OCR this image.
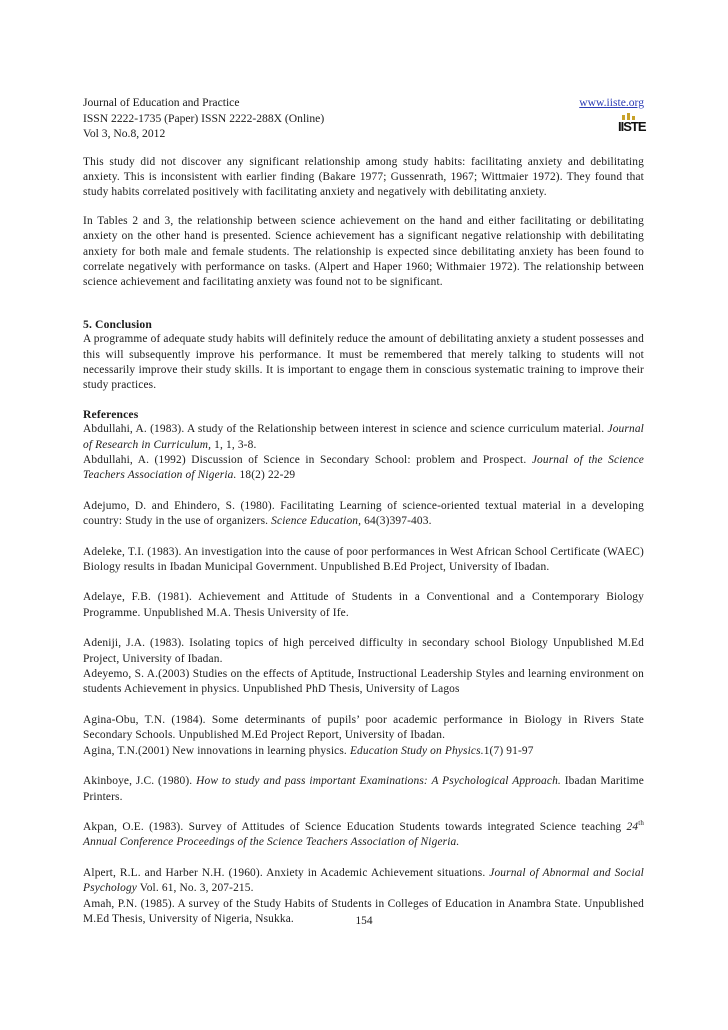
Journal of Education and Practice
ISSN 2222-1735 (Paper) ISSN 2222-288X (Online)
Vol 3, No.8, 2012
www.iiste.org
IISTE

This study did not discover any significant relationship among study habits: facilitating anxiety and debilitating anxiety. This is inconsistent with earlier finding (Bakare 1977; Gussenrath, 1967; Wittmaier 1972). They found that study habits correlated positively with facilitating anxiety and negatively with debilitating anxiety.

In Tables 2 and 3, the relationship between science achievement on the hand and either facilitating or debilitating anxiety on the other hand is presented. Science achievement has a significant negative relationship with debilitating anxiety for both male and female students. The relationship is expected since debilitating anxiety has been found to correlate negatively with performance on tasks. (Alpert and Haper 1960; Withmaier 1972). The relationship between science achievement and facilitating anxiety was found not to be significant.

5. Conclusion

A programme of adequate study habits will definitely reduce the amount of debilitating anxiety a student possesses and this will subsequently improve his performance. It must be remembered that merely talking to students will not necessarily improve their study skills. It is important to engage them in conscious systematic training to improve their study practices.

References

Abdullahi, A. (1983). A study of the Relationship between interest in science and science curriculum material. Journal of Research in Curriculum, 1, 1, 3-8.

Abdullahi, A. (1992) Discussion of Science in Secondary School: problem and Prospect. Journal of the Science Teachers Association of Nigeria. 18(2) 22-29

Adejumo, D. and Ehindero, S. (1980). Facilitating Learning of science-oriented textual material in a developing country: Study in the use of organizers. Science Education, 64(3)397-403.

Adeleke, T.I. (1983). An investigation into the cause of poor performances in West African School Certificate (WAEC) Biology results in Ibadan Municipal Government. Unpublished B.Ed Project, University of Ibadan.

Adelaye, F.B. (1981). Achievement and Attitude of Students in a Conventional and a Contemporary Biology Programme. Unpublished M.A. Thesis University of Ife.

Adeniji, J.A. (1983). Isolating topics of high perceived difficulty in secondary school Biology Unpublished M.Ed Project, University of Ibadan.

Adeyemo, S. A.(2003) Studies on the effects of Aptitude, Instructional Leadership Styles and learning environment on students Achievement in physics. Unpublished PhD Thesis, University of Lagos

Agina-Obu, T.N. (1984). Some determinants of pupils’ poor academic performance in Biology in Rivers State Secondary Schools. Unpublished M.Ed Project Report, University of Ibadan.

Agina, T.N.(2001) New innovations in learning physics. Education Study on Physics.1(7) 91-97

Akinboye, J.C. (1980). How to study and pass important Examinations: A Psychological Approach. Ibadan Maritime Printers.

Akpan, O.E. (1983). Survey of Attitudes of Science Education Students towards integrated Science teaching 24th Annual Conference Proceedings of the Science Teachers Association of Nigeria.

Alpert, R.L. and Harber N.H. (1960). Anxiety in Academic Achievement situations. Journal of Abnormal and Social Psychology Vol. 61, No. 3, 207-215.

Amah, P.N. (1985). A survey of the Study Habits of Students in Colleges of Education in Anambra State. Unpublished M.Ed Thesis, University of Nigeria, Nsukka.	154
